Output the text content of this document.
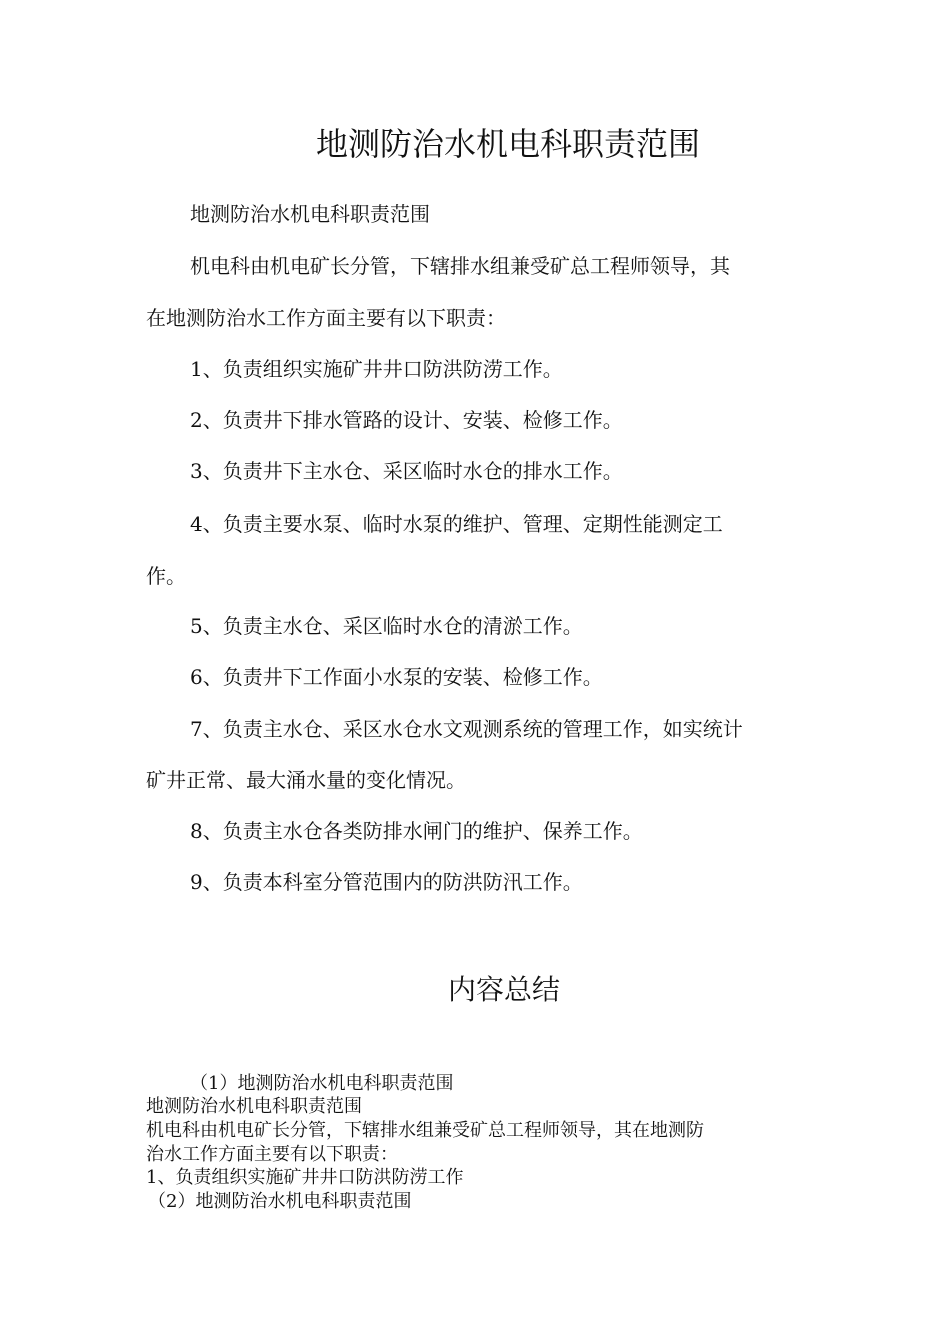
地测防治水机电科职责范围

地测防治水机电科职责范围

机电科由机电矿长分管，下辖排水组兼受矿总工程师领导，其

在地测防治水工作方面主要有以下职责：

1、负责组织实施矿井井口防洪防涝工作。

2、负责井下排水管路的设计、安装、检修工作。

3、负责井下主水仓、采区临时水仓的排水工作。

4、负责主要水泵、临时水泵的维护、管理、定期性能测定工

作。

5、负责主水仓、采区临时水仓的清淤工作。

6、负责井下工作面小水泵的安装、检修工作。

7、负责主水仓、采区水仓水文观测系统的管理工作，如实统计

矿井正常、最大涌水量的变化情况。

8、负责主水仓各类防排水闸门的维护、保养工作。

9、负责本科室分管范围内的防洪防汛工作。

内容总结

（1）地测防治水机电科职责范围

地测防治水机电科职责范围

机电科由机电矿长分管，下辖排水组兼受矿总工程师领导，其在地测防

治水工作方面主要有以下职责：

1、负责组织实施矿井井口防洪防涝工作

（2）地测防治水机电科职责范围
